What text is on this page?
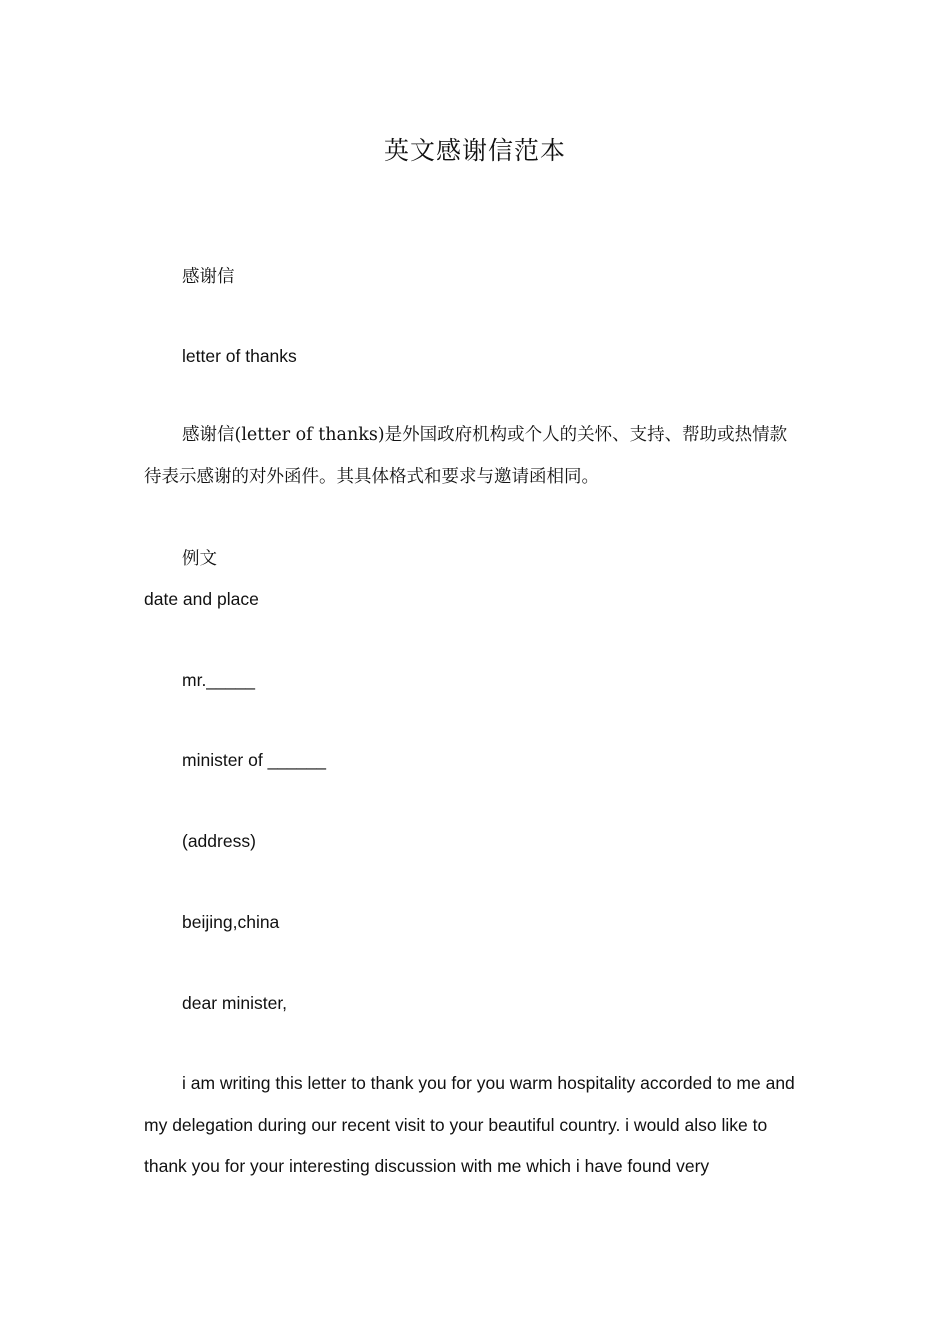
英文感谢信范本

感谢信

letter of thanks

感谢信(letter of thanks)是外国政府机构或个人的关怀、支持、帮助或热情款待表示感谢的对外函件。其具体格式和要求与邀请函相同。

例文

date and place

mr._____

minister of ______

(address)

beijing,china

dear minister,

i am writing this letter to thank you for you warm hospitality accorded to me and my delegation during our recent visit to your beautiful country. i would also like to thank you for your interesting discussion with me which i have found very
